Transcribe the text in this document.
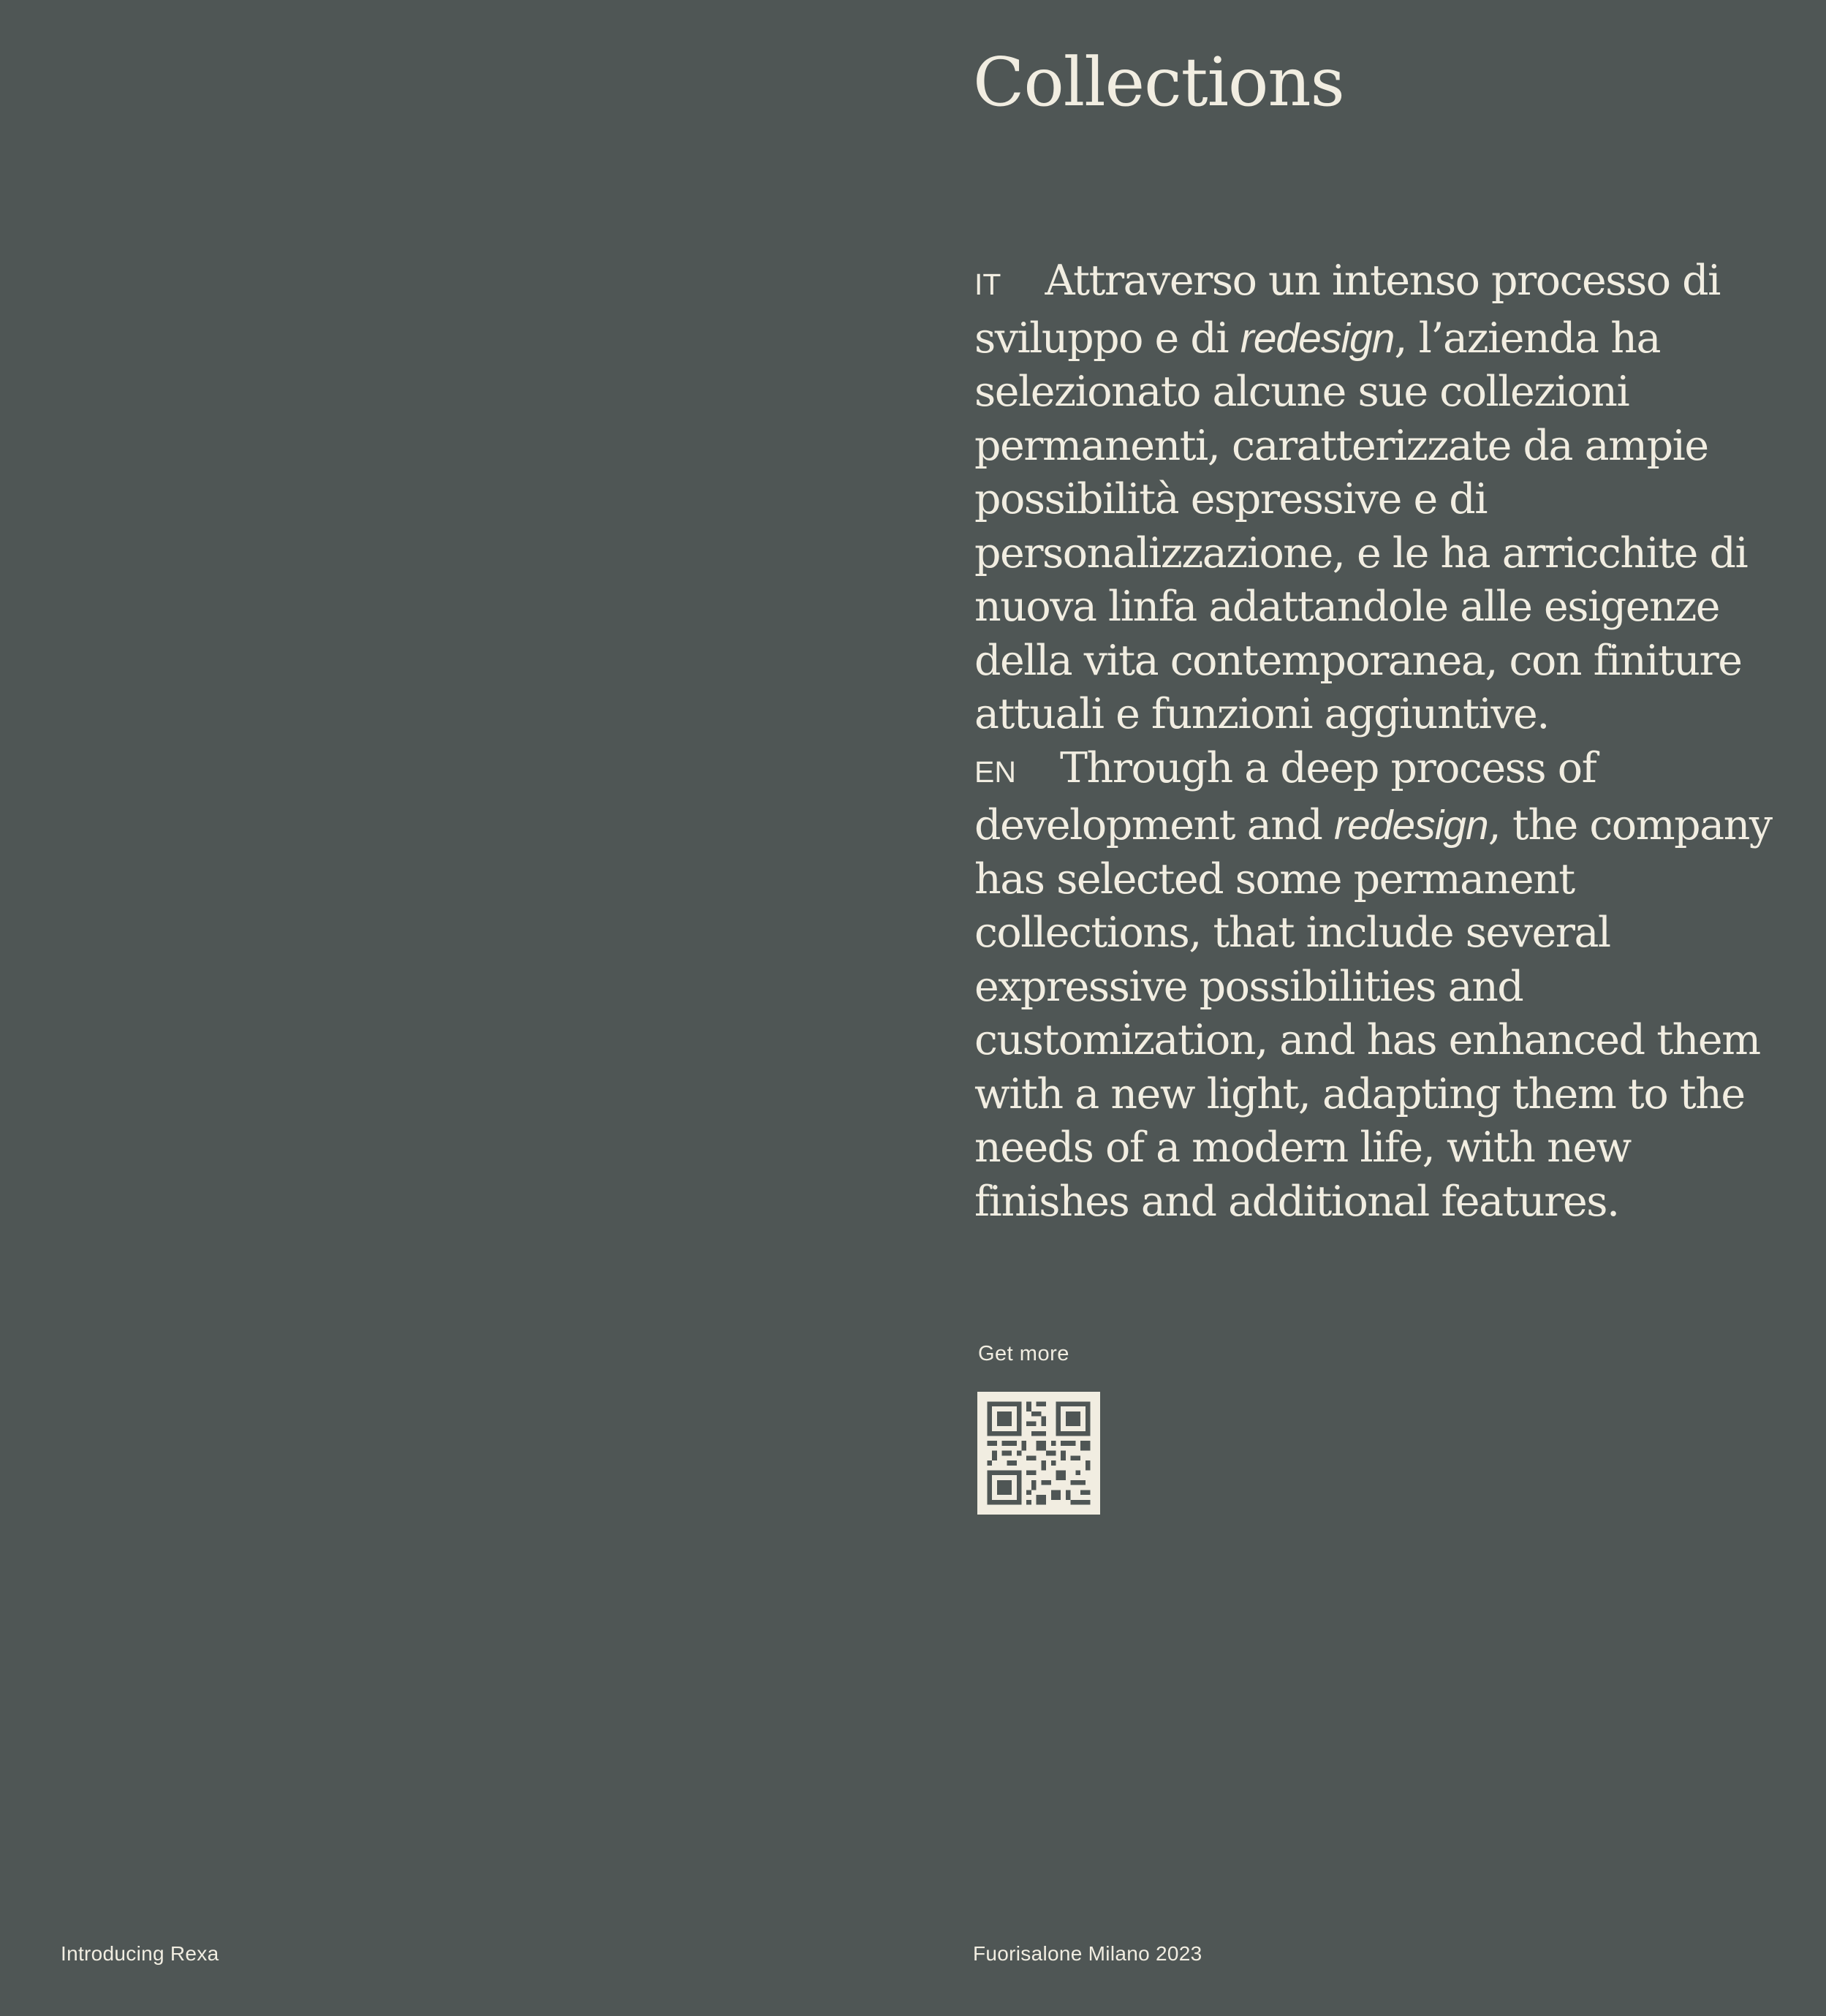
Collections

IT Attraverso un intenso processo di sviluppo e di redesign, l’azienda ha selezionato alcune sue collezioni permanenti, caratterizzate da ampie possibilità espressive e di personalizzazione, e le ha arricchite di nuova linfa adattandole alle esigenze della vita contemporanea, con finiture attuali e funzioni aggiuntive.

EN Through a deep process of development and redesign, the company has selected some permanent collections, that include several expressive possibilities and customization, and has enhanced them with a new light, adapting them to the needs of a modern life, with new finishes and additional features.

Get more
Introducing Rexa	Fuorisalone Milano 2023
